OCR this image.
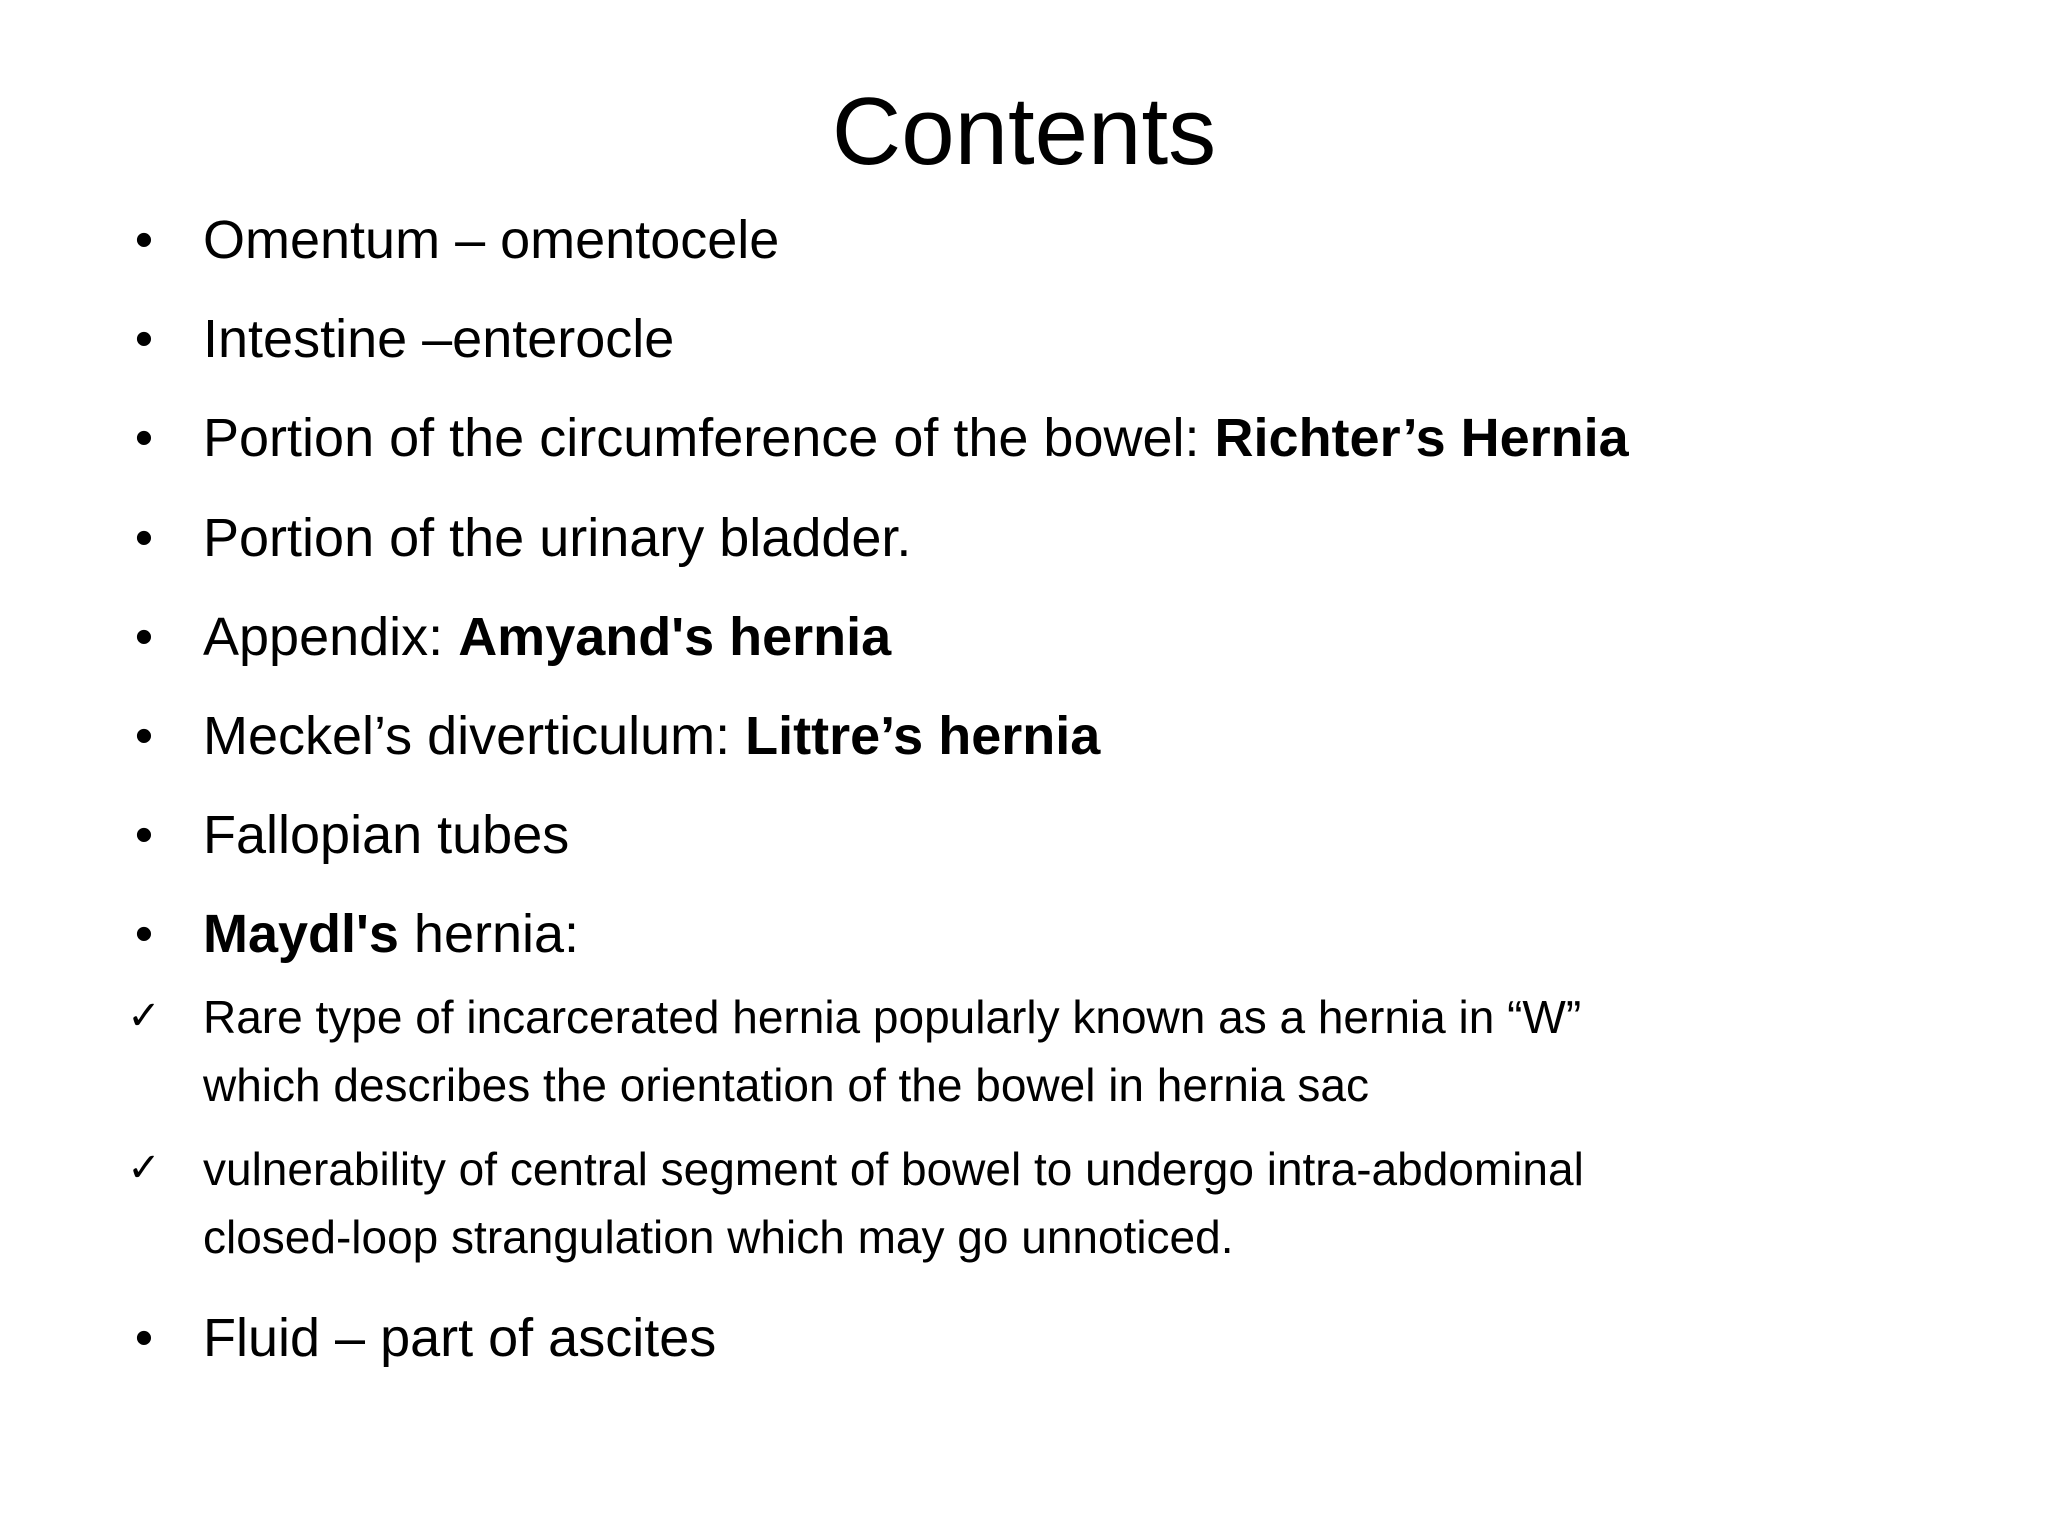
Contents
• Omentum – omentocele
• Intestine –enterocle
• Portion of the circumference of the bowel: Richter’s Hernia
• Portion of the urinary bladder.
• Appendix: Amyand's hernia
• Meckel’s diverticulum: Littre’s hernia
• Fallopian tubes
• Maydl's hernia:
✓ Rare type of incarcerated hernia popularly known as a hernia in “W”
which describes the orientation of the bowel in hernia sac
✓ vulnerability of central segment of bowel to undergo intra-abdominal
closed-loop strangulation which may go unnoticed.
• Fluid – part of ascites
